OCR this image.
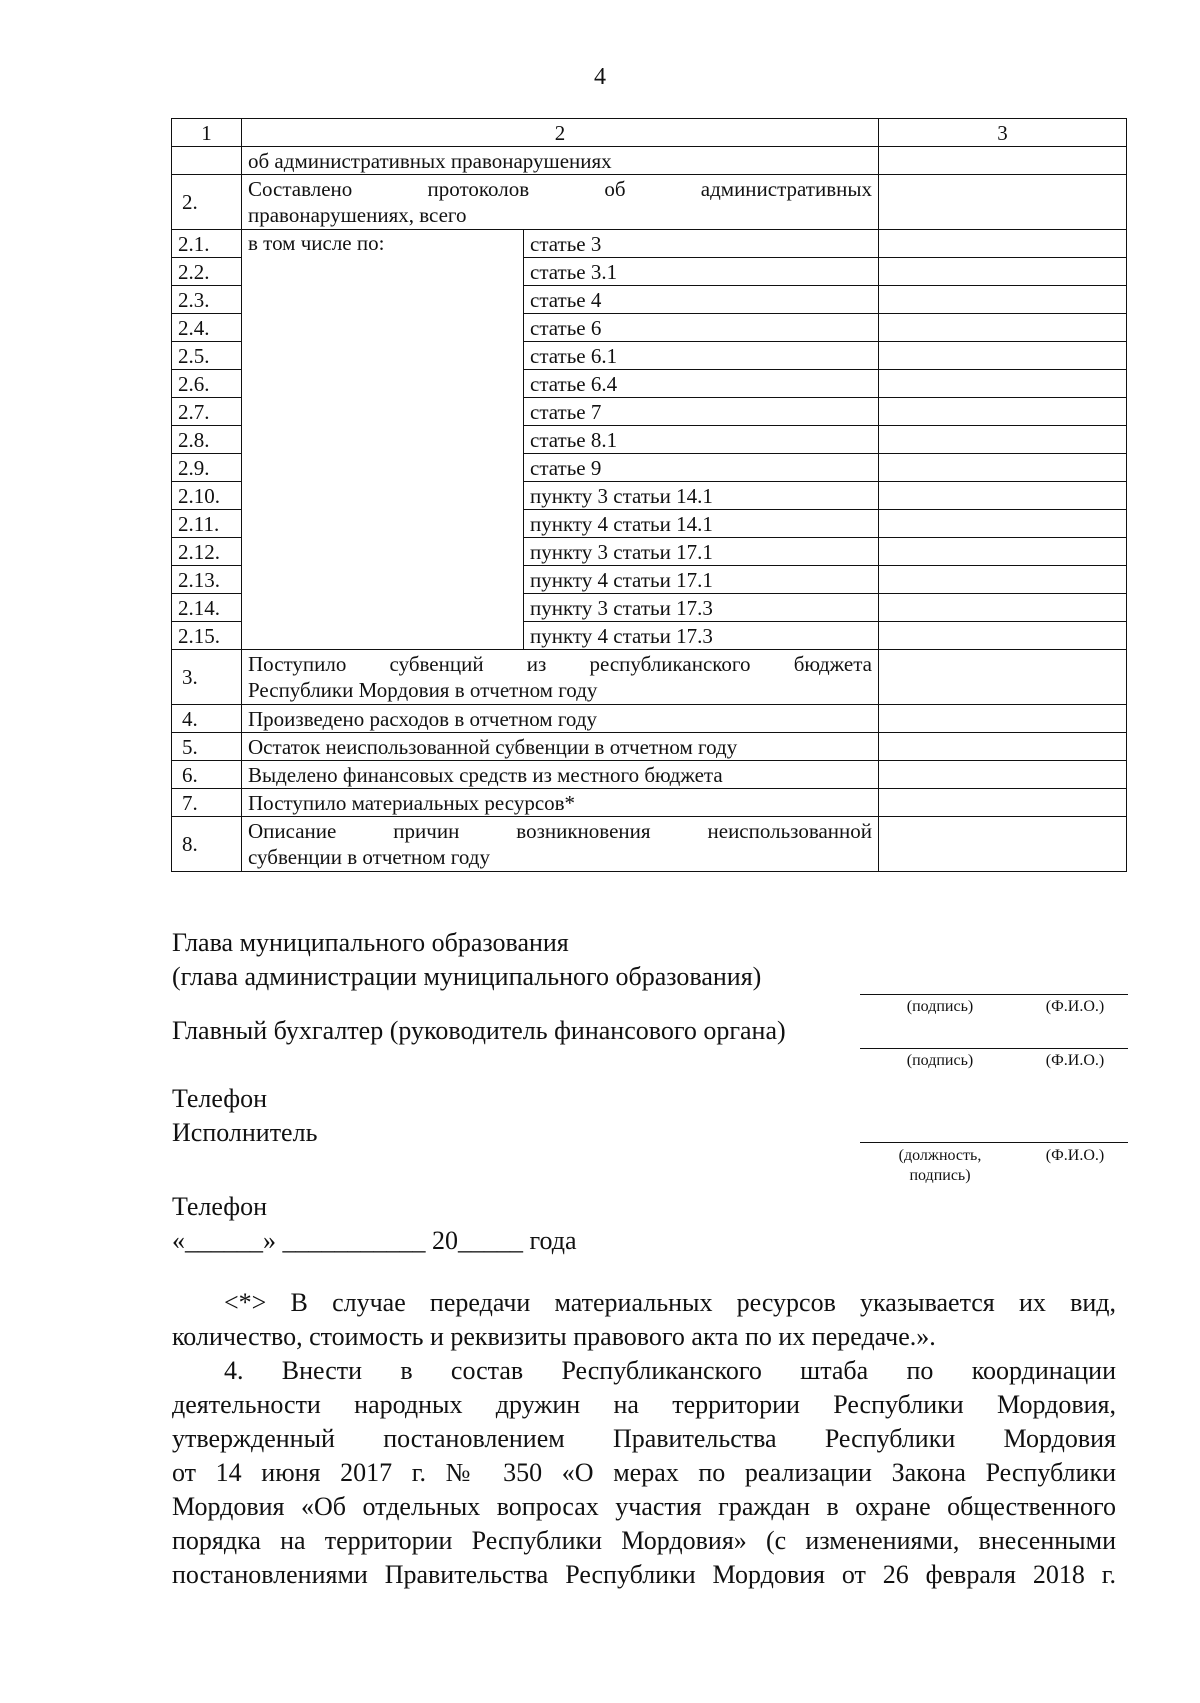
4
1	2		3
	об административных правонарушениях		
2.	Составлено протоколов об административных
правонарушениях, всего		

2.1.	в том числе по:	статье 3	
2.2.		статье 3.1	
2.3.		статье 4	
2.4.		статье 6	
2.5.		статье 6.1	
2.6.		статье 6.4	
2.7.		статье 7	
2.8.		статье 8.1	
2.9.		статье 9	
2.10.		пункту 3 статьи 14.1	
2.11.		пункту 4 статьи 14.1	
2.12.		пункту 3 статьи 17.1	
2.13.		пункту 4 статьи 17.1	
2.14.		пункту 3 статьи 17.3	
2.15.		пункту 4 статьи 17.3	
3.	Поступило субвенций из республиканского бюджета
Республики Мордовия в отчетном году		

4.	Произведено расходов в отчетном году		
5.	Остаток неиспользованной субвенции в отчетном году		
6.	Выделено финансовых средств из местного бюджета		
7.	Поступило материальных ресурсов*		
8.	Описание причин возникновения неиспользованной
субвенции в отчетном году		

Глава муниципального образования
(глава администрации муниципального образования)
(подпись)	(Ф.И.О.)
Главный бухгалтер (руководитель финансового органа)
(подпись)	(Ф.И.О.)
Телефон
Исполнитель
(должность,
подпись)
(Ф.И.О.)
Телефон
«______» ___________ 20_____ года
<*> В случае передачи материальных ресурсов указывается их вид,
количество, стоимость и реквизиты правового акта по их передаче.».
4. Внести в состав Республиканского штаба по координации
деятельности народных дружин на территории Республики Мордовия,
утвержденный постановлением Правительства Республики Мордовия
от 14 июня 2017 г. № 350 «О мерах по реализации Закона Республики
Мордовия «Об отдельных вопросах участия граждан в охране общественного
порядка на территории Республики Мордовия» (с изменениями, внесенными
постановлениями Правительства Республики Мордовия от 26 февраля 2018 г.
